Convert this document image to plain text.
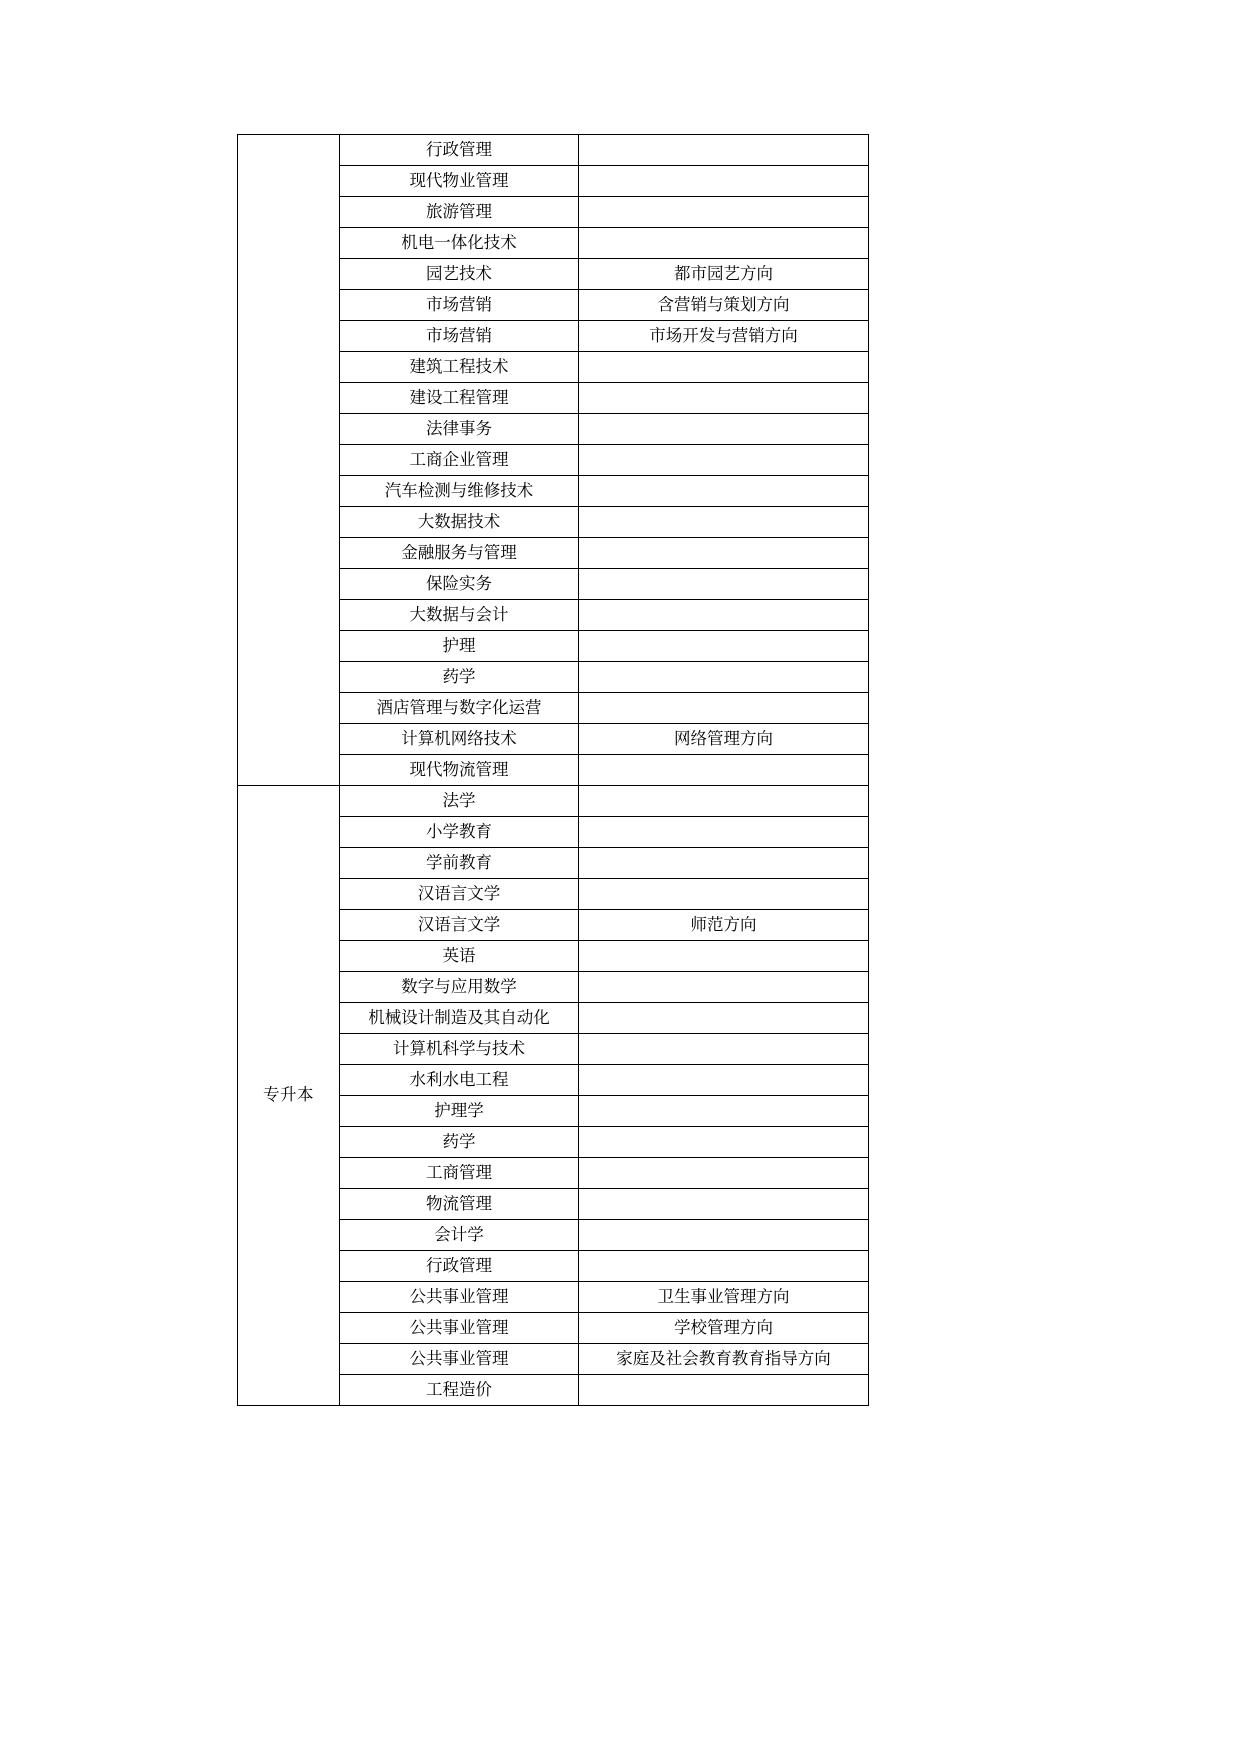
	行政管理	
	现代物业管理	
	旅游管理	
	机电一体化技术	
	园艺技术	都市园艺方向
	市场营销	含营销与策划方向
	市场营销	市场开发与营销方向
	建筑工程技术	
	建设工程管理	
	法律事务	
	工商企业管理	
	汽车检测与维修技术	
	大数据技术	
	金融服务与管理	
	保险实务	
	大数据与会计	
	护理	
	药学	
	酒店管理与数字化运营	
	计算机网络技术	网络管理方向
	现代物流管理	
专升本	法学	
	小学教育	
	学前教育	
	汉语言文学	
	汉语言文学	师范方向
	英语	
	数字与应用数学	
	机械设计制造及其自动化	
	计算机科学与技术	
	水利水电工程	
	护理学	
	药学	
	工商管理	
	物流管理	
	会计学	
	行政管理	
	公共事业管理	卫生事业管理方向
	公共事业管理	学校管理方向
	公共事业管理	家庭及社会教育教育指导方向
	工程造价	
